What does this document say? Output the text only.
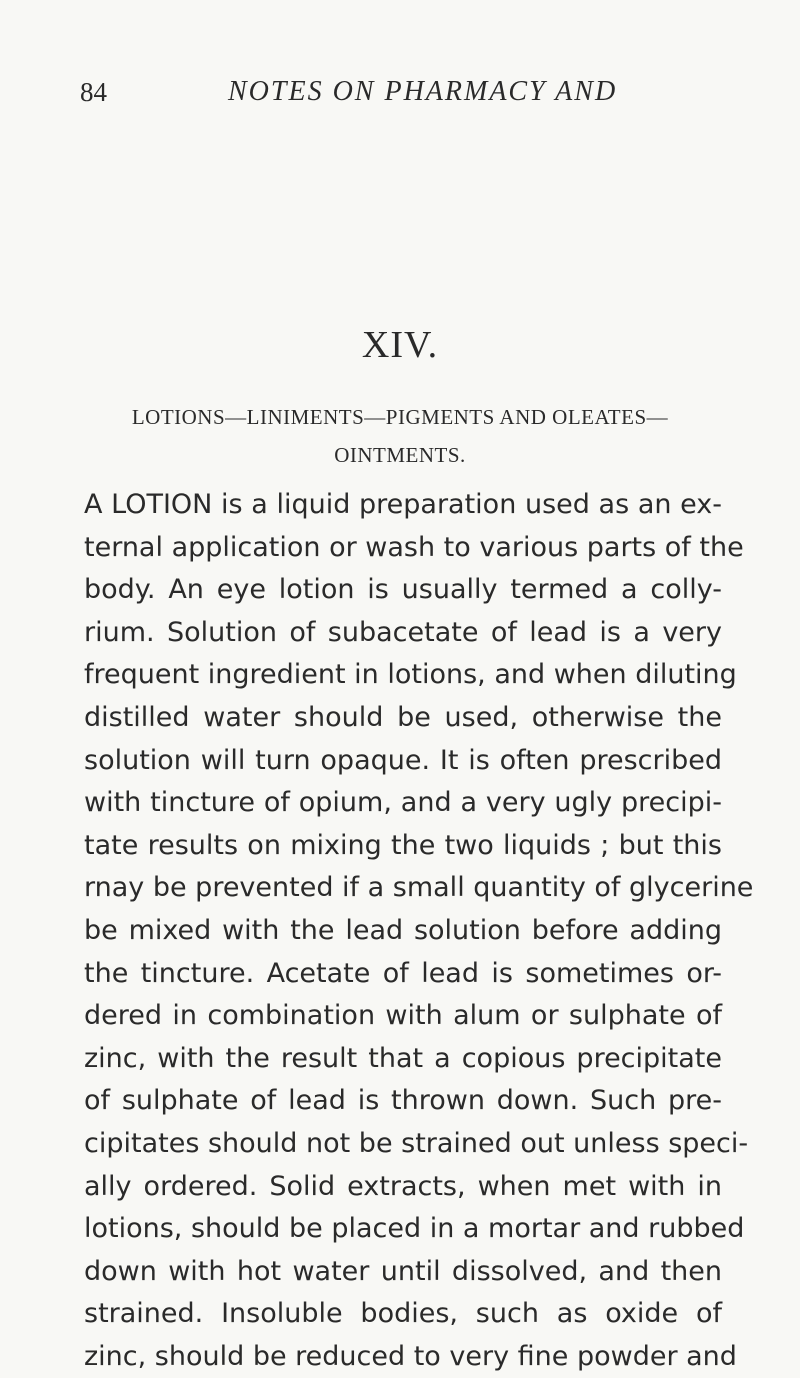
84	NOTES ON PHARMACY AND
XIV.
LOTIONS—LINIMENTS—PIGMENTS AND OLEATES—
OINTMENTS.
A LOTION is a liquid preparation used as an ex-
ternal application or wash to various parts of the
body. An eye lotion is usually termed a colly-
rium. Solution of subacetate of lead is a very
frequent ingredient in lotions, and when diluting
distilled water should be used, otherwise the
solution will turn opaque. It is often prescribed
with tincture of opium, and a very ugly precipi-
tate results on mixing the two liquids ; but this
rnay be prevented if a small quantity of glycerine
be mixed with the lead solution before adding
the tincture. Acetate of lead is sometimes or-
dered in combination with alum or sulphate of
zinc, with the result that a copious precipitate
of sulphate of lead is thrown down. Such pre-
cipitates should not be strained out unless speci-
ally ordered. Solid extracts, when met with in
lotions, should be placed in a mortar and rubbed
down with hot water until dissolved, and then
strained. Insoluble bodies, such as oxide of
zinc, should be reduced to very fine powder and
